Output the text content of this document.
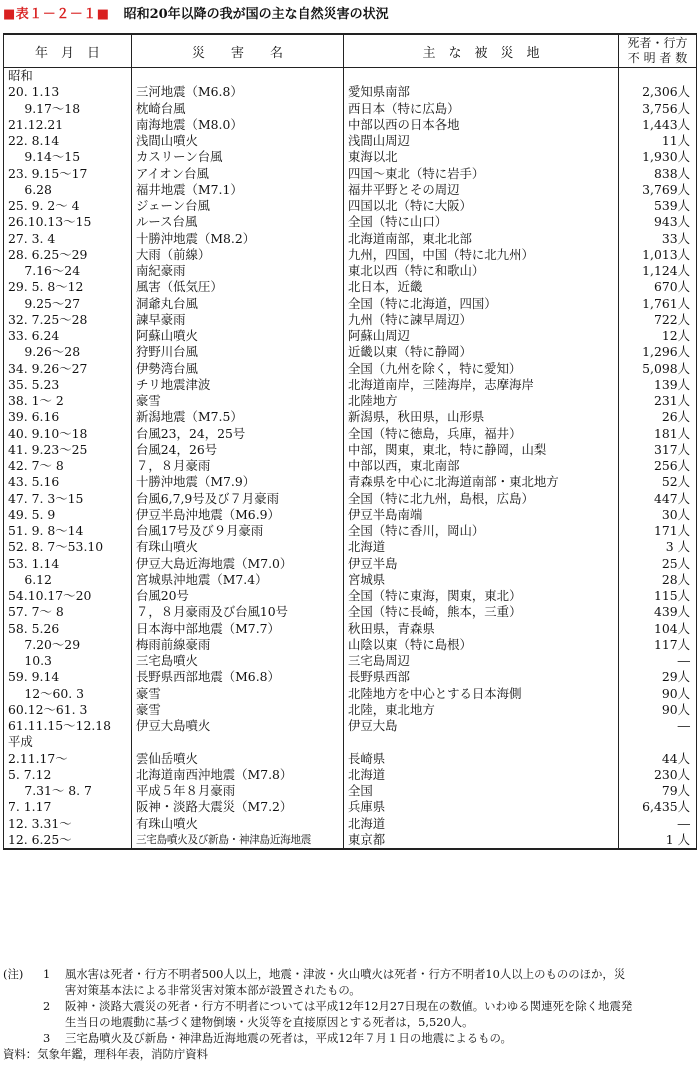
■表１－２－１■ 昭和20年以降の我が国の主な自然災害の状況
年　月　日	災　　害　　名	主　な　被　災　地	死者・行方
不 明 者 数

昭和			
20. 1.13	三河地震（M6.8）	愛知県南部	2,306人
　 9.17～18	枕崎台風	西日本（特に広島）	3,756人
21.12.21	南海地震（M8.0）	中部以西の日本各地	1,443人
22. 8.14	浅間山噴火	浅間山周辺	11人
　 9.14～15	カスリーン台風	東海以北	1,930人
23. 9.15～17	アイオン台風	四国～東北（特に岩手）	838人
　 6.28	福井地震（M7.1）	福井平野とその周辺	3,769人
25. 9. 2～ 4	ジェーン台風	四国以北（特に大阪）	539人
26.10.13～15	ルース台風	全国（特に山口）	943人
27. 3. 4	十勝沖地震（M8.2）	北海道南部，東北北部	33人
28. 6.25～29	大雨（前線）	九州，四国，中国（特に北九州）	1,013人
　 7.16～24	南紀豪雨	東北以西（特に和歌山）	1,124人
29. 5. 8～12	風害（低気圧）	北日本，近畿	670人
　 9.25～27	洞爺丸台風	全国（特に北海道，四国）	1,761人
32. 7.25～28	諫早豪雨	九州（特に諫早周辺）	722人
33. 6.24	阿蘇山噴火	阿蘇山周辺	12人
　 9.26～28	狩野川台風	近畿以東（特に静岡）	1,296人
34. 9.26～27	伊勢湾台風	全国（九州を除く，特に愛知）	5,098人
35. 5.23	チリ地震津波	北海道南岸，三陸海岸，志摩海岸	139人
38. 1～ 2	豪雪	北陸地方	231人
39. 6.16	新潟地震（M7.5）	新潟県，秋田県，山形県	26人
40. 9.10～18	台風23，24，25号	全国（特に徳島，兵庫，福井）	181人
41. 9.23～25	台風24，26号	中部，関東，東北，特に静岡，山梨	317人
42. 7～ 8	７，８月豪雨	中部以西，東北南部	256人
43. 5.16	十勝沖地震（M7.9）	青森県を中心に北海道南部・東北地方	52人
47. 7. 3～15	台風6,7,9号及び７月豪雨	全国（特に北九州，島根，広島）	447人
49. 5. 9	伊豆半島沖地震（M6.9）	伊豆半島南端	30人
51. 9. 8～14	台風17号及び９月豪雨	全国（特に香川，岡山）	171人
52. 8. 7～53.10	有珠山噴火	北海道	3 人
53. 1.14	伊豆大島近海地震（M7.0）	伊豆半島	25人
　 6.12	宮城県沖地震（M7.4）	宮城県	28人
54.10.17～20	台風20号	全国（特に東海，関東，東北）	115人
57. 7～ 8	７，８月豪雨及び台風10号	全国（特に長崎，熊本，三重）	439人
58. 5.26	日本海中部地震（M7.7）	秋田県，青森県	104人
　 7.20～29	梅雨前線豪雨	山陰以東（特に島根）	117人
　 10.3	三宅島噴火	三宅島周辺	―
59. 9.14	長野県西部地震（M6.8）	長野県西部	29人
　 12～60. 3	豪雪	北陸地方を中心とする日本海側	90人
60.12～61. 3	豪雪	北陸，東北地方	90人
61.11.15～12.18	伊豆大島噴火	伊豆大島	―
平成			
2.11.17～	雲仙岳噴火	長崎県	44人
5. 7.12	北海道南西沖地震（M7.8）	北海道	230人
　 7.31～ 8. 7	平成５年８月豪雨	全国	79人
7. 1.17	阪神・淡路大震災（M7.2）	兵庫県	6,435人
12. 3.31～	有珠山噴火	北海道	―
12. 6.25～	三宅島噴火及び新島・神津島近海地震	東京都	1 人
(注)	1	風水害は死者・行方不明者500人以上，地震・津波・火山噴火は死者・行方不明者10人以上のもののほか，災
害対策基本法による非常災害対策本部が設置されたもの。
2	阪神・淡路大震災の死者・行方不明者については平成12年12月27日現在の数値。いわゆる関連死を除く地震発
生当日の地震動に基づく建物倒壊・火災等を直接原因とする死者は，5,520人。
3	三宅島噴火及び新島・神津島近海地震の死者は，平成12年７月１日の地震によるもの。
資料：気象年鑑，理科年表，消防庁資料
